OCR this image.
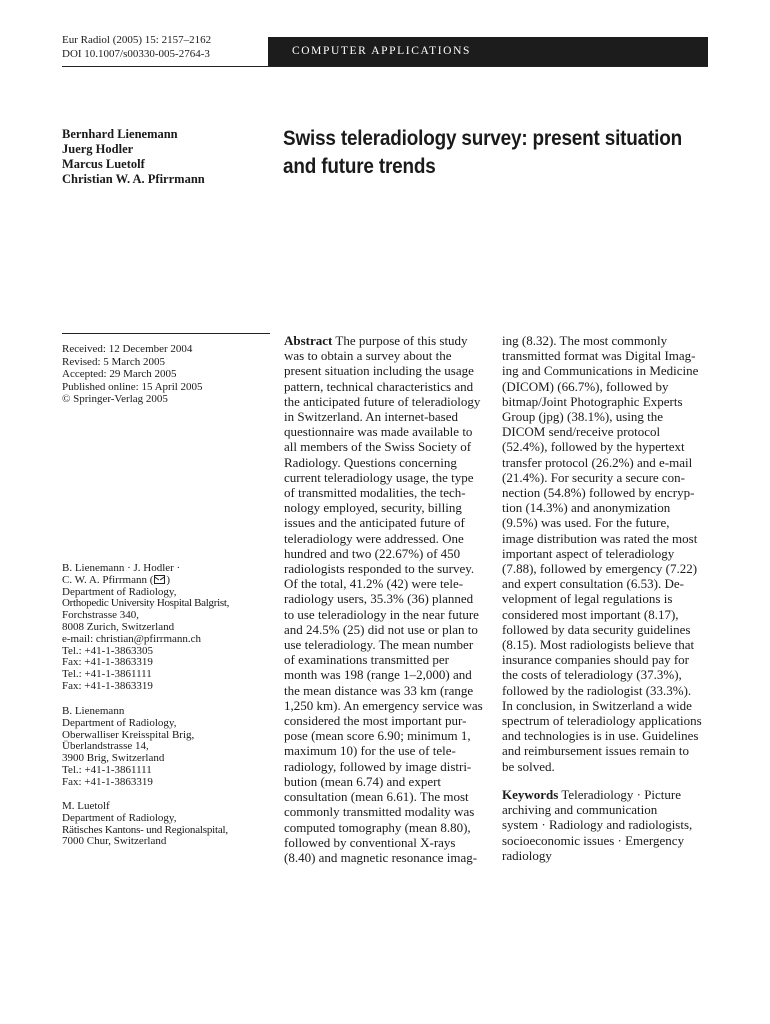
Eur Radiol (2005) 15: 2157–2162
DOI 10.1007/s00330-005-2764-3	COMPUTER APPLICATIONS
Bernhard Lienemann
Juerg Hodler
Marcus Luetolf
Christian W. A. Pfirrmann
Swiss teleradiology survey: present situation
and future trends
Received: 12 December 2004
Revised: 5 March 2005
Accepted: 29 March 2005
Published online: 15 April 2005
© Springer-Verlag 2005
B. Lienemann · J. Hodler ·
C. W. A. Pfirrmann ( )
Department of Radiology,
Orthopedic University Hospital Balgrist,
Forchstrasse 340,
8008 Zurich, Switzerland
e-mail: christian@pfirrmann.ch
Tel.: +41-1-3863305
Fax: +41-1-3863319
Tel.: +41-1-3861111
Fax: +41-1-3863319
B. Lienemann
Department of Radiology,
Oberwalliser Kreisspital Brig,
Überlandstrasse 14,
3900 Brig, Switzerland
Tel.: +41-1-3861111
Fax: +41-1-3863319
M. Luetolf
Department of Radiology,
Rätisches Kantons- und Regionalspital,
7000 Chur, Switzerland
Abstract The purpose of this study
was to obtain a survey about the
present situation including the usage
pattern, technical characteristics and
the anticipated future of teleradiology
in Switzerland. An internet-based
questionnaire was made available to
all members of the Swiss Society of
Radiology. Questions concerning
current teleradiology usage, the type
of transmitted modalities, the tech-
nology employed, security, billing
issues and the anticipated future of
teleradiology were addressed. One
hundred and two (22.67%) of 450
radiologists responded to the survey.
Of the total, 41.2% (42) were tele-
radiology users, 35.3% (36) planned
to use teleradiology in the near future
and 24.5% (25) did not use or plan to
use teleradiology. The mean number
of examinations transmitted per
month was 198 (range 1–2,000) and
the mean distance was 33 km (range
1,250 km). An emergency service was
considered the most important pur-
pose (mean score 6.90; minimum 1,
maximum 10) for the use of tele-
radiology, followed by image distri-
bution (mean 6.74) and expert
consultation (mean 6.61). The most
commonly transmitted modality was
computed tomography (mean 8.80),
followed by conventional X-rays
(8.40) and magnetic resonance imag-
ing (8.32). The most commonly
transmitted format was Digital Imag-
ing and Communications in Medicine
(DICOM) (66.7%), followed by
bitmap/Joint Photographic Experts
Group (jpg) (38.1%), using the
DICOM send/receive protocol
(52.4%), followed by the hypertext
transfer protocol (26.2%) and e-mail
(21.4%). For security a secure con-
nection (54.8%) followed by encryp-
tion (14.3%) and anonymization
(9.5%) was used. For the future,
image distribution was rated the most
important aspect of teleradiology
(7.88), followed by emergency (7.22)
and expert consultation (6.53). De-
velopment of legal regulations is
considered most important (8.17),
followed by data security guidelines
(8.15). Most radiologists believe that
insurance companies should pay for
the costs of teleradiology (37.3%),
followed by the radiologist (33.3%).
In conclusion, in Switzerland a wide
spectrum of teleradiology applications
and technologies is in use. Guidelines
and reimbursement issues remain to
be solved.
Keywords Teleradiology · Picture
archiving and communication
system · Radiology and radiologists,
socioeconomic issues · Emergency
radiology
